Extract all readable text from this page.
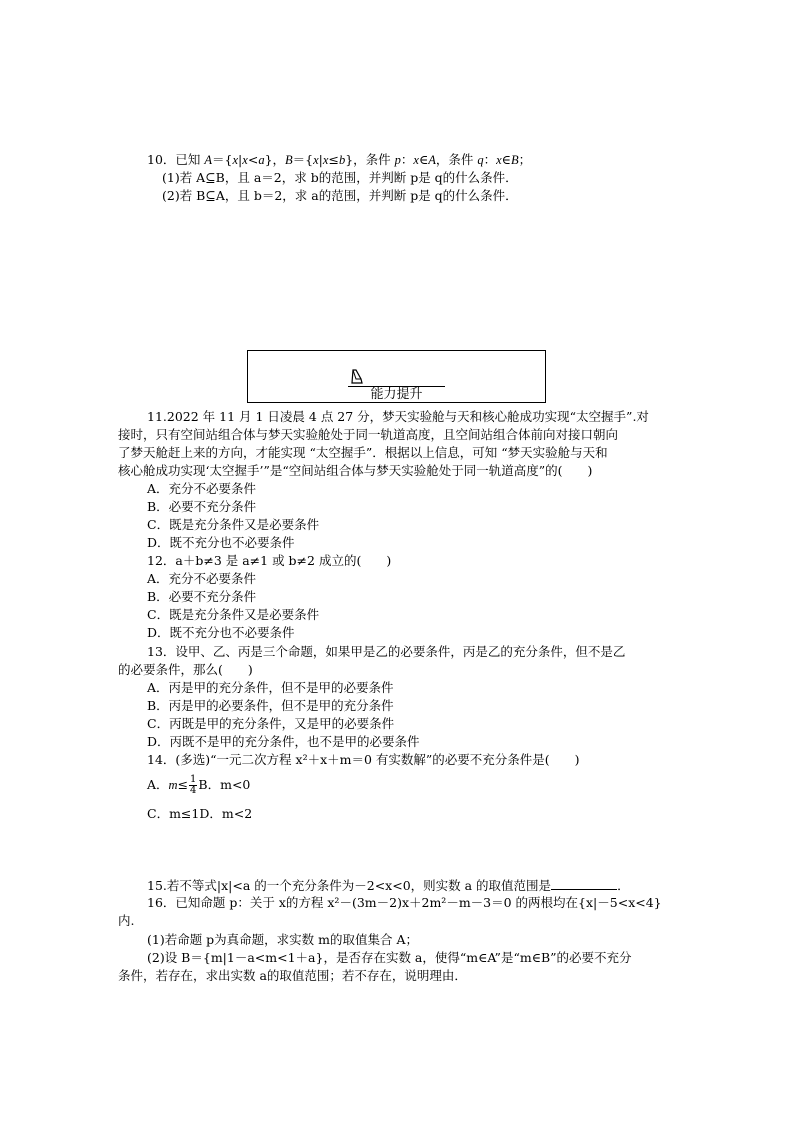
10．已知 A＝{x|x<a}，B＝{x|x≤b}，条件 p：x∈A，条件 q：x∈B；
(1)若 A⊆B，且 a＝2，求 b的范围，并判断 p是 q的什么条件．
(2)若 B⊆A，且 b＝2，求 a的范围，并判断 p是 q的什么条件．
能力提升
11.2022 年 11 月 1 日凌晨 4 点 27 分，梦天实验舱与天和核心舱成功实现“太空握手”.对
接时，只有空间站组合体与梦天实验舱处于同一轨道高度，且空间站组合体前向对接口朝向
了梦天舱赶上来的方向，才能实现 “太空握手”．根据以上信息，可知 “梦天实验舱与天和
核心舱成功实现‘太空握手’”是“空间站组合体与梦天实验舱处于同一轨道高度”的(　　)
A．充分不必要条件
B．必要不充分条件
C．既是充分条件又是必要条件
D．既不充分也不必要条件
12．a＋b≠3 是 a≠1 或 b≠2 成立的(　　)
A．充分不必要条件
B．必要不充分条件
C．既是充分条件又是必要条件
D．既不充分也不必要条件
13．设甲、乙、丙是三个命题，如果甲是乙的必要条件，丙是乙的充分条件，但不是乙
的必要条件，那么(　　)
A．丙是甲的充分条件，但不是甲的必要条件
B．丙是甲的必要条件，但不是甲的充分条件
C．丙既是甲的充分条件，又是甲的必要条件
D．丙既不是甲的充分条件，也不是甲的必要条件
14．(多选)“一元二次方程 x²＋x＋m＝0 有实数解”的必要不充分条件是(　　)
A．$m\le \frac{1}{4}$ B．m<0
C．m≤1D．m<2
15.若不等式|x|<a 的一个充分条件为－2<x<0，则实数 a 的取值范围是	．
16．已知命题 p：关于 x的方程 x²－(3m－2)x＋2m²－m－3＝0 的两根均在{x|－5<x<4}
内.
(1)若命题 p为真命题，求实数 m的取值集合 A；
(2)设 B＝{m|1－a<m<1＋a}，是否存在实数 a，使得“m∈A”是“m∈B”的必要不充分
条件，若存在，求出实数 a的取值范围；若不存在，说明理由．
